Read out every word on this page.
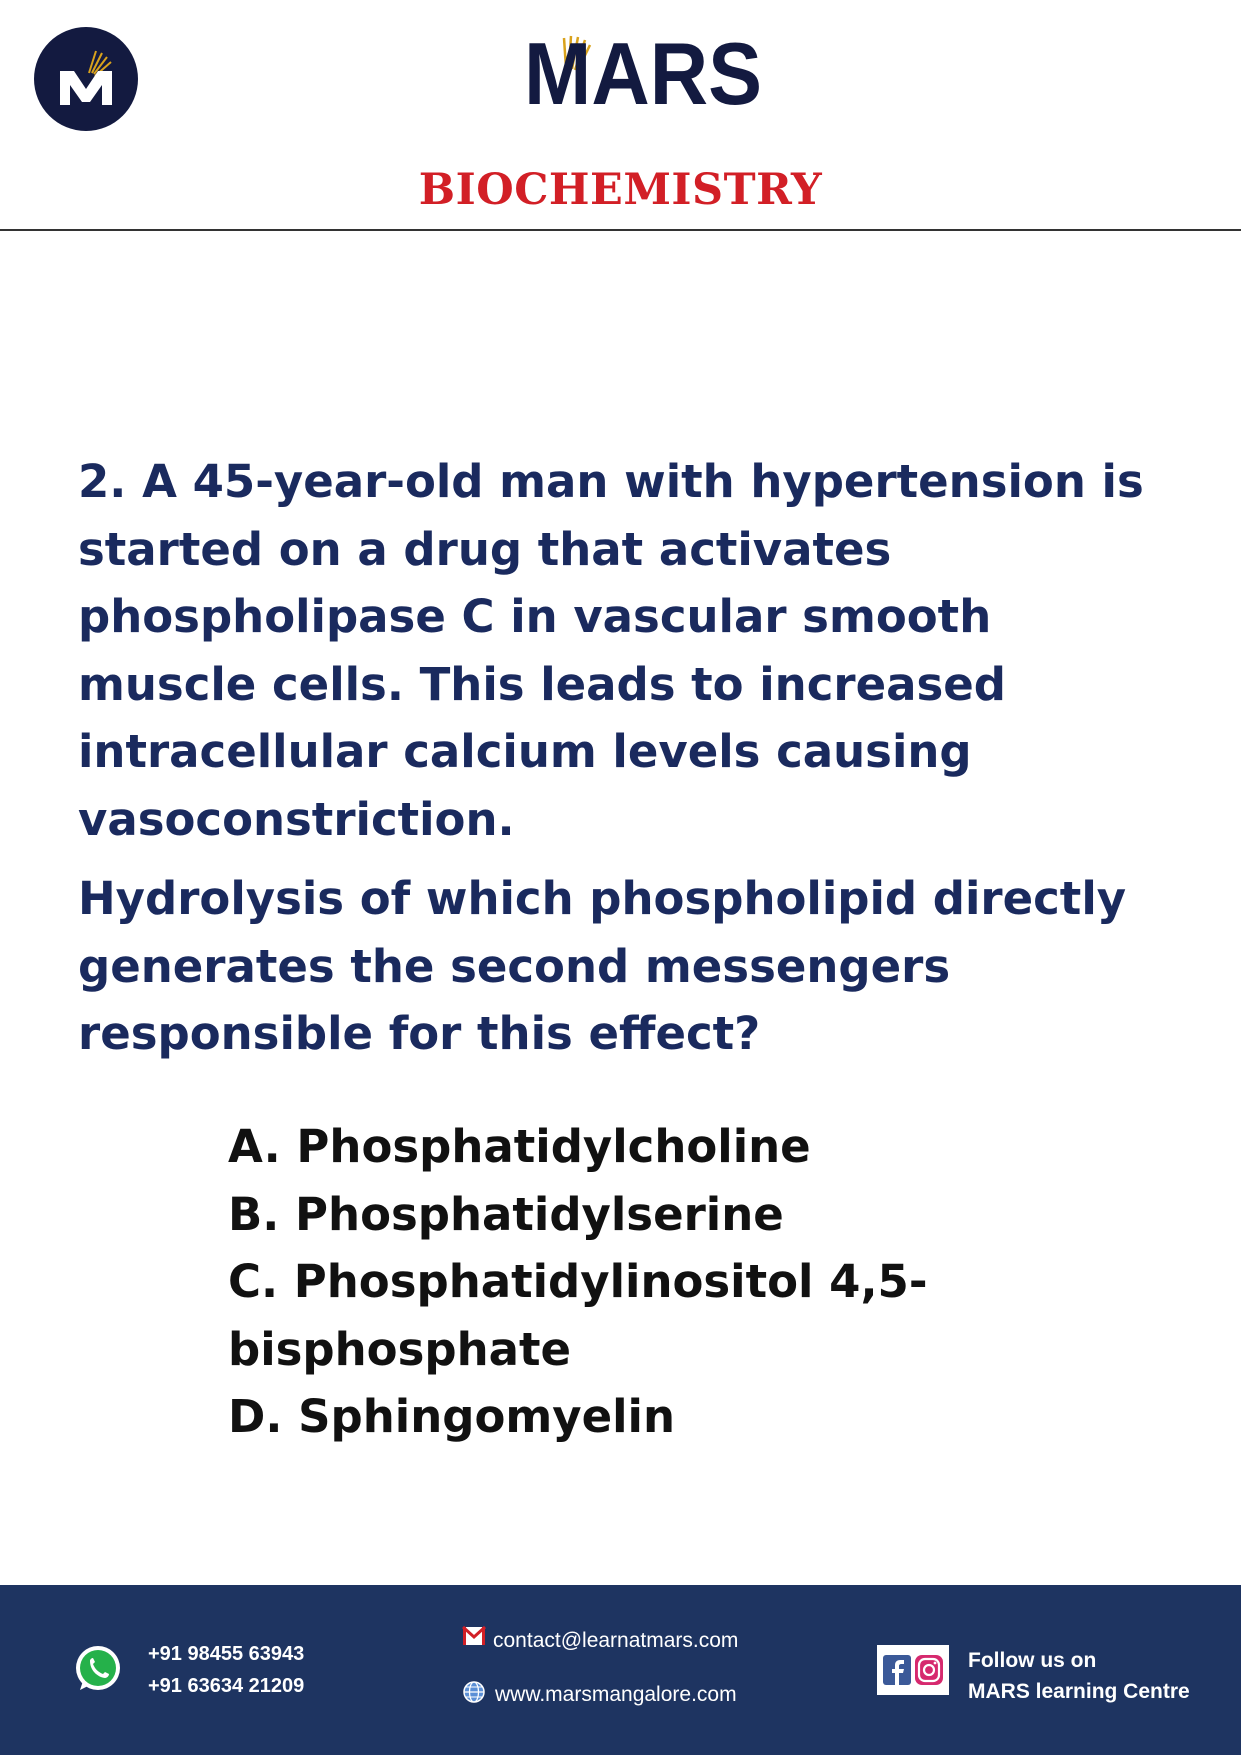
MARS
BIOCHEMISTRY

2. A 45-year-old man with hypertension is started on a drug that activates phospholipase C in vascular smooth muscle cells. This leads to increased intracellular calcium levels causing vasoconstriction.

Hydrolysis of which phospholipid directly generates the second messengers responsible for this effect?

A. Phosphatidylcholine
B. Phosphatidylserine
C. Phosphatidylinositol 4,5-bisphosphate
D. Sphingomyelin
+91 98455 63943
+91 63634 21209
contact@learnatmars.com
www.marsmangalore.com
Follow us on
MARS learning Centre
